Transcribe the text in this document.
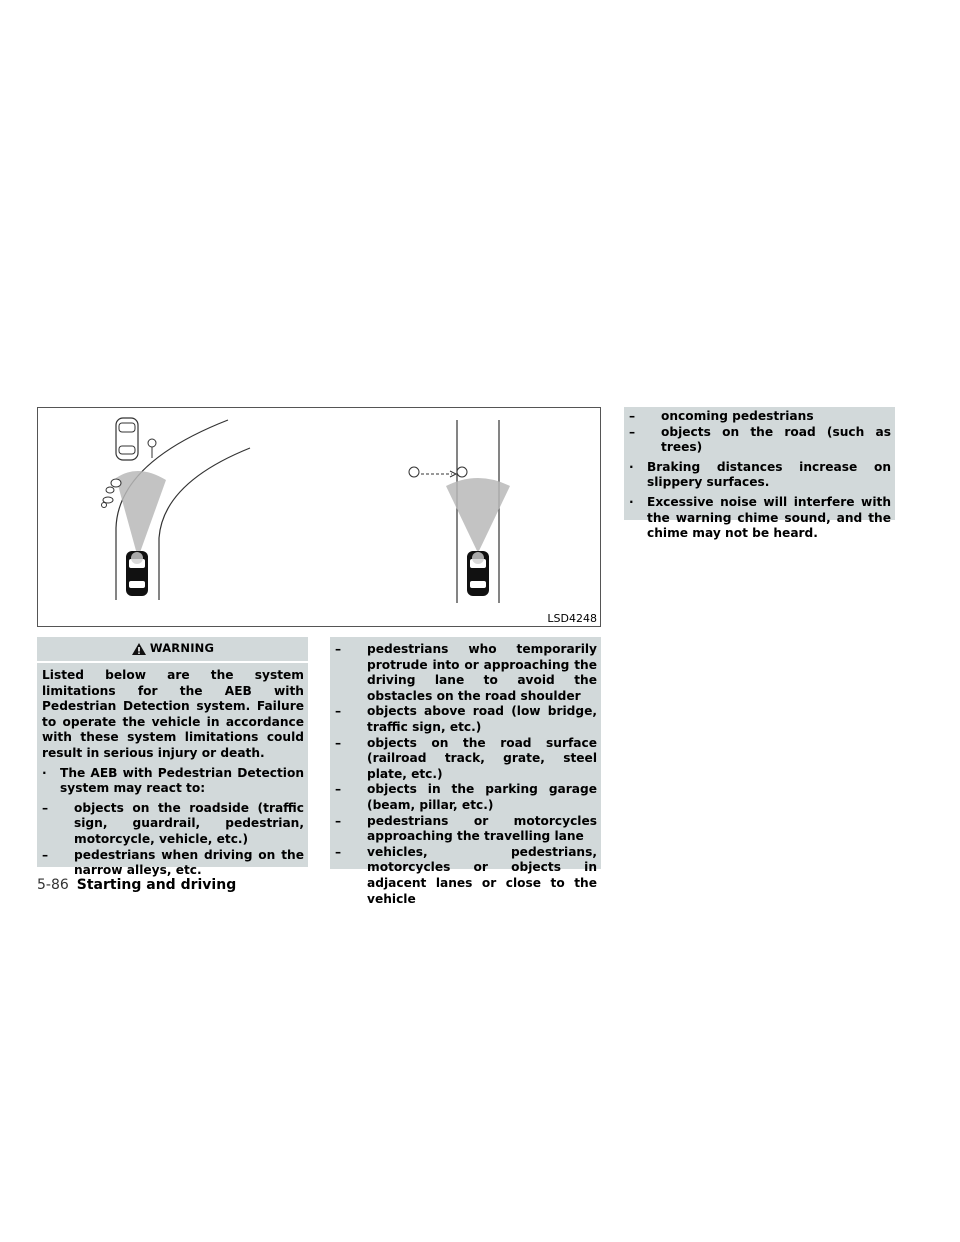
LSD4248
WARNING
Listed below are the system limitations for the AEB with Pedestrian Detection system. Failure to operate the vehicle in accordance with these system limitations could result in serious injury or death.
· The AEB with Pedestrian Detection system may react to:
– objects on the roadside (traffic sign, guardrail, pedestrian, motorcycle, vehicle, etc.)
– pedestrians when driving on the narrow alleys, etc.
– pedestrians who temporarily protrude into or approaching the driving lane to avoid the obstacles on the road shoulder
– objects above road (low bridge, traffic sign, etc.)
– objects on the road surface (railroad track, grate, steel plate, etc.)
– objects in the parking garage (beam, pillar, etc.)
– pedestrians or motorcycles approaching the travelling lane
– vehicles, pedestrians, motorcycles or objects in adjacent lanes or close to the vehicle
– oncoming pedestrians
– objects on the road (such as trees)
· Braking distances increase on slippery surfaces.
· Excessive noise will interfere with the warning chime sound, and the chime may not be heard.
5-86 Starting and driving
